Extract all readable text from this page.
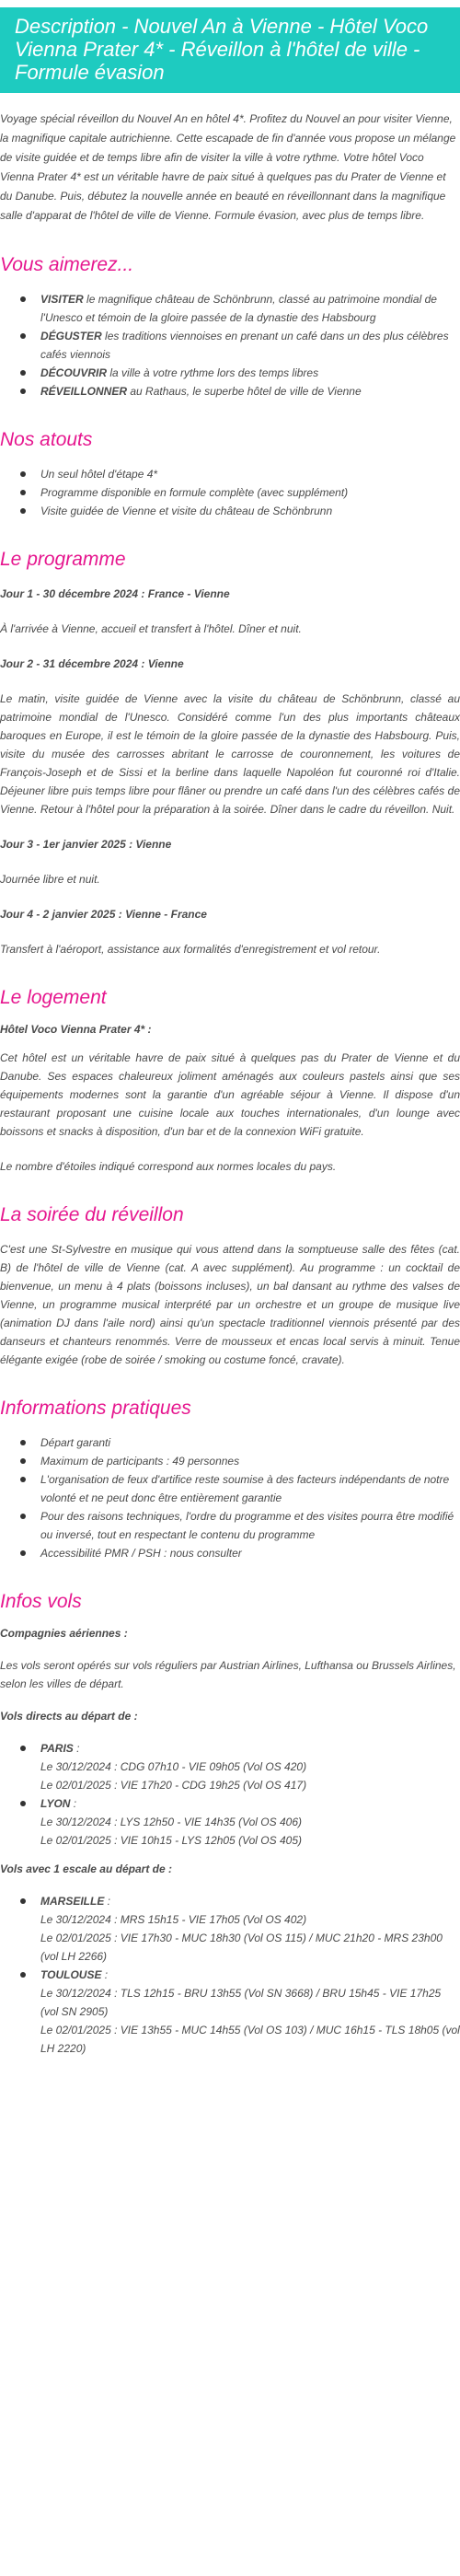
Description - Nouvel An à Vienne - Hôtel Voco Vienna Prater 4* - Réveillon à l'hôtel de ville - Formule évasion

Voyage spécial réveillon du Nouvel An en hôtel 4*. Profitez du Nouvel an pour visiter Vienne, la magnifique capitale autrichienne. Cette escapade de fin d'année vous propose un mélange de visite guidée et de temps libre afin de visiter la ville à votre rythme. Votre hôtel Voco Vienna Prater 4* est un véritable havre de paix situé à quelques pas du Prater de Vienne et du Danube. Puis, débutez la nouvelle année en beauté en réveillonnant dans la magnifique salle d'apparat de l'hôtel de ville de Vienne. Formule évasion, avec plus de temps libre.

Vous aimerez...
VISITER le magnifique château de Schönbrunn, classé au patrimoine mondial de l'Unesco et témoin de la gloire passée de la dynastie des Habsbourg
DÉGUSTER les traditions viennoises en prenant un café dans un des plus célèbres cafés viennois
DÉCOUVRIR la ville à votre rythme lors des temps libres
RÉVEILLONNER au Rathaus, le superbe hôtel de ville de Vienne
Nos atouts
Un seul hôtel d'étape 4*
Programme disponible en formule complète (avec supplément)
Visite guidée de Vienne et visite du château de Schönbrunn
Le programme
Jour 1 - 30 décembre 2024 : France - Vienne

À l'arrivée à Vienne, accueil et transfert à l'hôtel. Dîner et nuit.

Jour 2 - 31 décembre 2024 : Vienne

Le matin, visite guidée de Vienne avec la visite du château de Schönbrunn, classé au patrimoine mondial de l'Unesco. Considéré comme l'un des plus importants châteaux baroques en Europe, il est le témoin de la gloire passée de la dynastie des Habsbourg. Puis, visite du musée des carrosses abritant le carrosse de couronnement, les voitures de François-Joseph et de Sissi et la berline dans laquelle Napoléon fut couronné roi d'Italie. Déjeuner libre puis temps libre pour flâner ou prendre un café dans l'un des célèbres cafés de Vienne. Retour à l'hôtel pour la préparation à la soirée. Dîner dans le cadre du réveillon. Nuit.

Jour 3 - 1er janvier 2025 : Vienne

Journée libre et nuit.

Jour 4 - 2 janvier 2025 : Vienne - France

Transfert à l'aéroport, assistance aux formalités d'enregistrement et vol retour.

Le logement
Hôtel Voco Vienna Prater 4* :

Cet hôtel est un véritable havre de paix situé à quelques pas du Prater de Vienne et du Danube. Ses espaces chaleureux joliment aménagés aux couleurs pastels ainsi que ses équipements modernes sont la garantie d'un agréable séjour à Vienne. Il dispose d'un restaurant proposant une cuisine locale aux touches internationales, d'un lounge avec boissons et snacks à disposition, d'un bar et de la connexion WiFi gratuite.

Le nombre d'étoiles indiqué correspond aux normes locales du pays.

La soirée du réveillon

C'est une St-Sylvestre en musique qui vous attend dans la somptueuse salle des fêtes (cat. B) de l'hôtel de ville de Vienne (cat. A avec supplément). Au programme : un cocktail de bienvenue, un menu à 4 plats (boissons incluses), un bal dansant au rythme des valses de Vienne, un programme musical interprété par un orchestre et un groupe de musique live (animation DJ dans l'aile nord) ainsi qu'un spectacle traditionnel viennois présenté par des danseurs et chanteurs renommés. Verre de mousseux et encas local servis à minuit. Tenue élégante exigée (robe de soirée / smoking ou costume foncé, cravate).

Informations pratiques
Départ garanti
Maximum de participants : 49 personnes
L'organisation de feux d'artifice reste soumise à des facteurs indépendants de notre volonté et ne peut donc être entièrement garantie
Pour des raisons techniques, l'ordre du programme et des visites pourra être modifié ou inversé, tout en respectant le contenu du programme
Accessibilité PMR / PSH : nous consulter
Infos vols
Compagnies aériennes :

Les vols seront opérés sur vols réguliers par Austrian Airlines, Lufthansa ou Brussels Airlines, selon les villes de départ.

Vols directs au départ de :
PARIS :
Le 30/12/2024 : CDG 07h10 - VIE 09h05 (Vol OS 420)
Le 02/01/2025 : VIE 17h20 - CDG 19h25 (Vol OS 417)
LYON :
Le 30/12/2024 : LYS 12h50 - VIE 14h35 (Vol OS 406)
Le 02/01/2025 : VIE 10h15 - LYS 12h05 (Vol OS 405)
Vols avec 1 escale au départ de :
MARSEILLE :
Le 30/12/2024 : MRS 15h15 - VIE 17h05 (Vol OS 402)
Le 02/01/2025 : VIE 17h30 - MUC 18h30 (Vol OS 115) / MUC 21h20 - MRS 23h00 (vol LH 2266)
TOULOUSE :
Le 30/12/2024 : TLS 12h15 - BRU 13h55 (Vol SN 3668) / BRU 15h45 - VIE 17h25 (vol SN 2905)
Le 02/01/2025 : VIE 13h55 - MUC 14h55 (Vol OS 103) / MUC 16h15 - TLS 18h05 (vol LH 2220)
